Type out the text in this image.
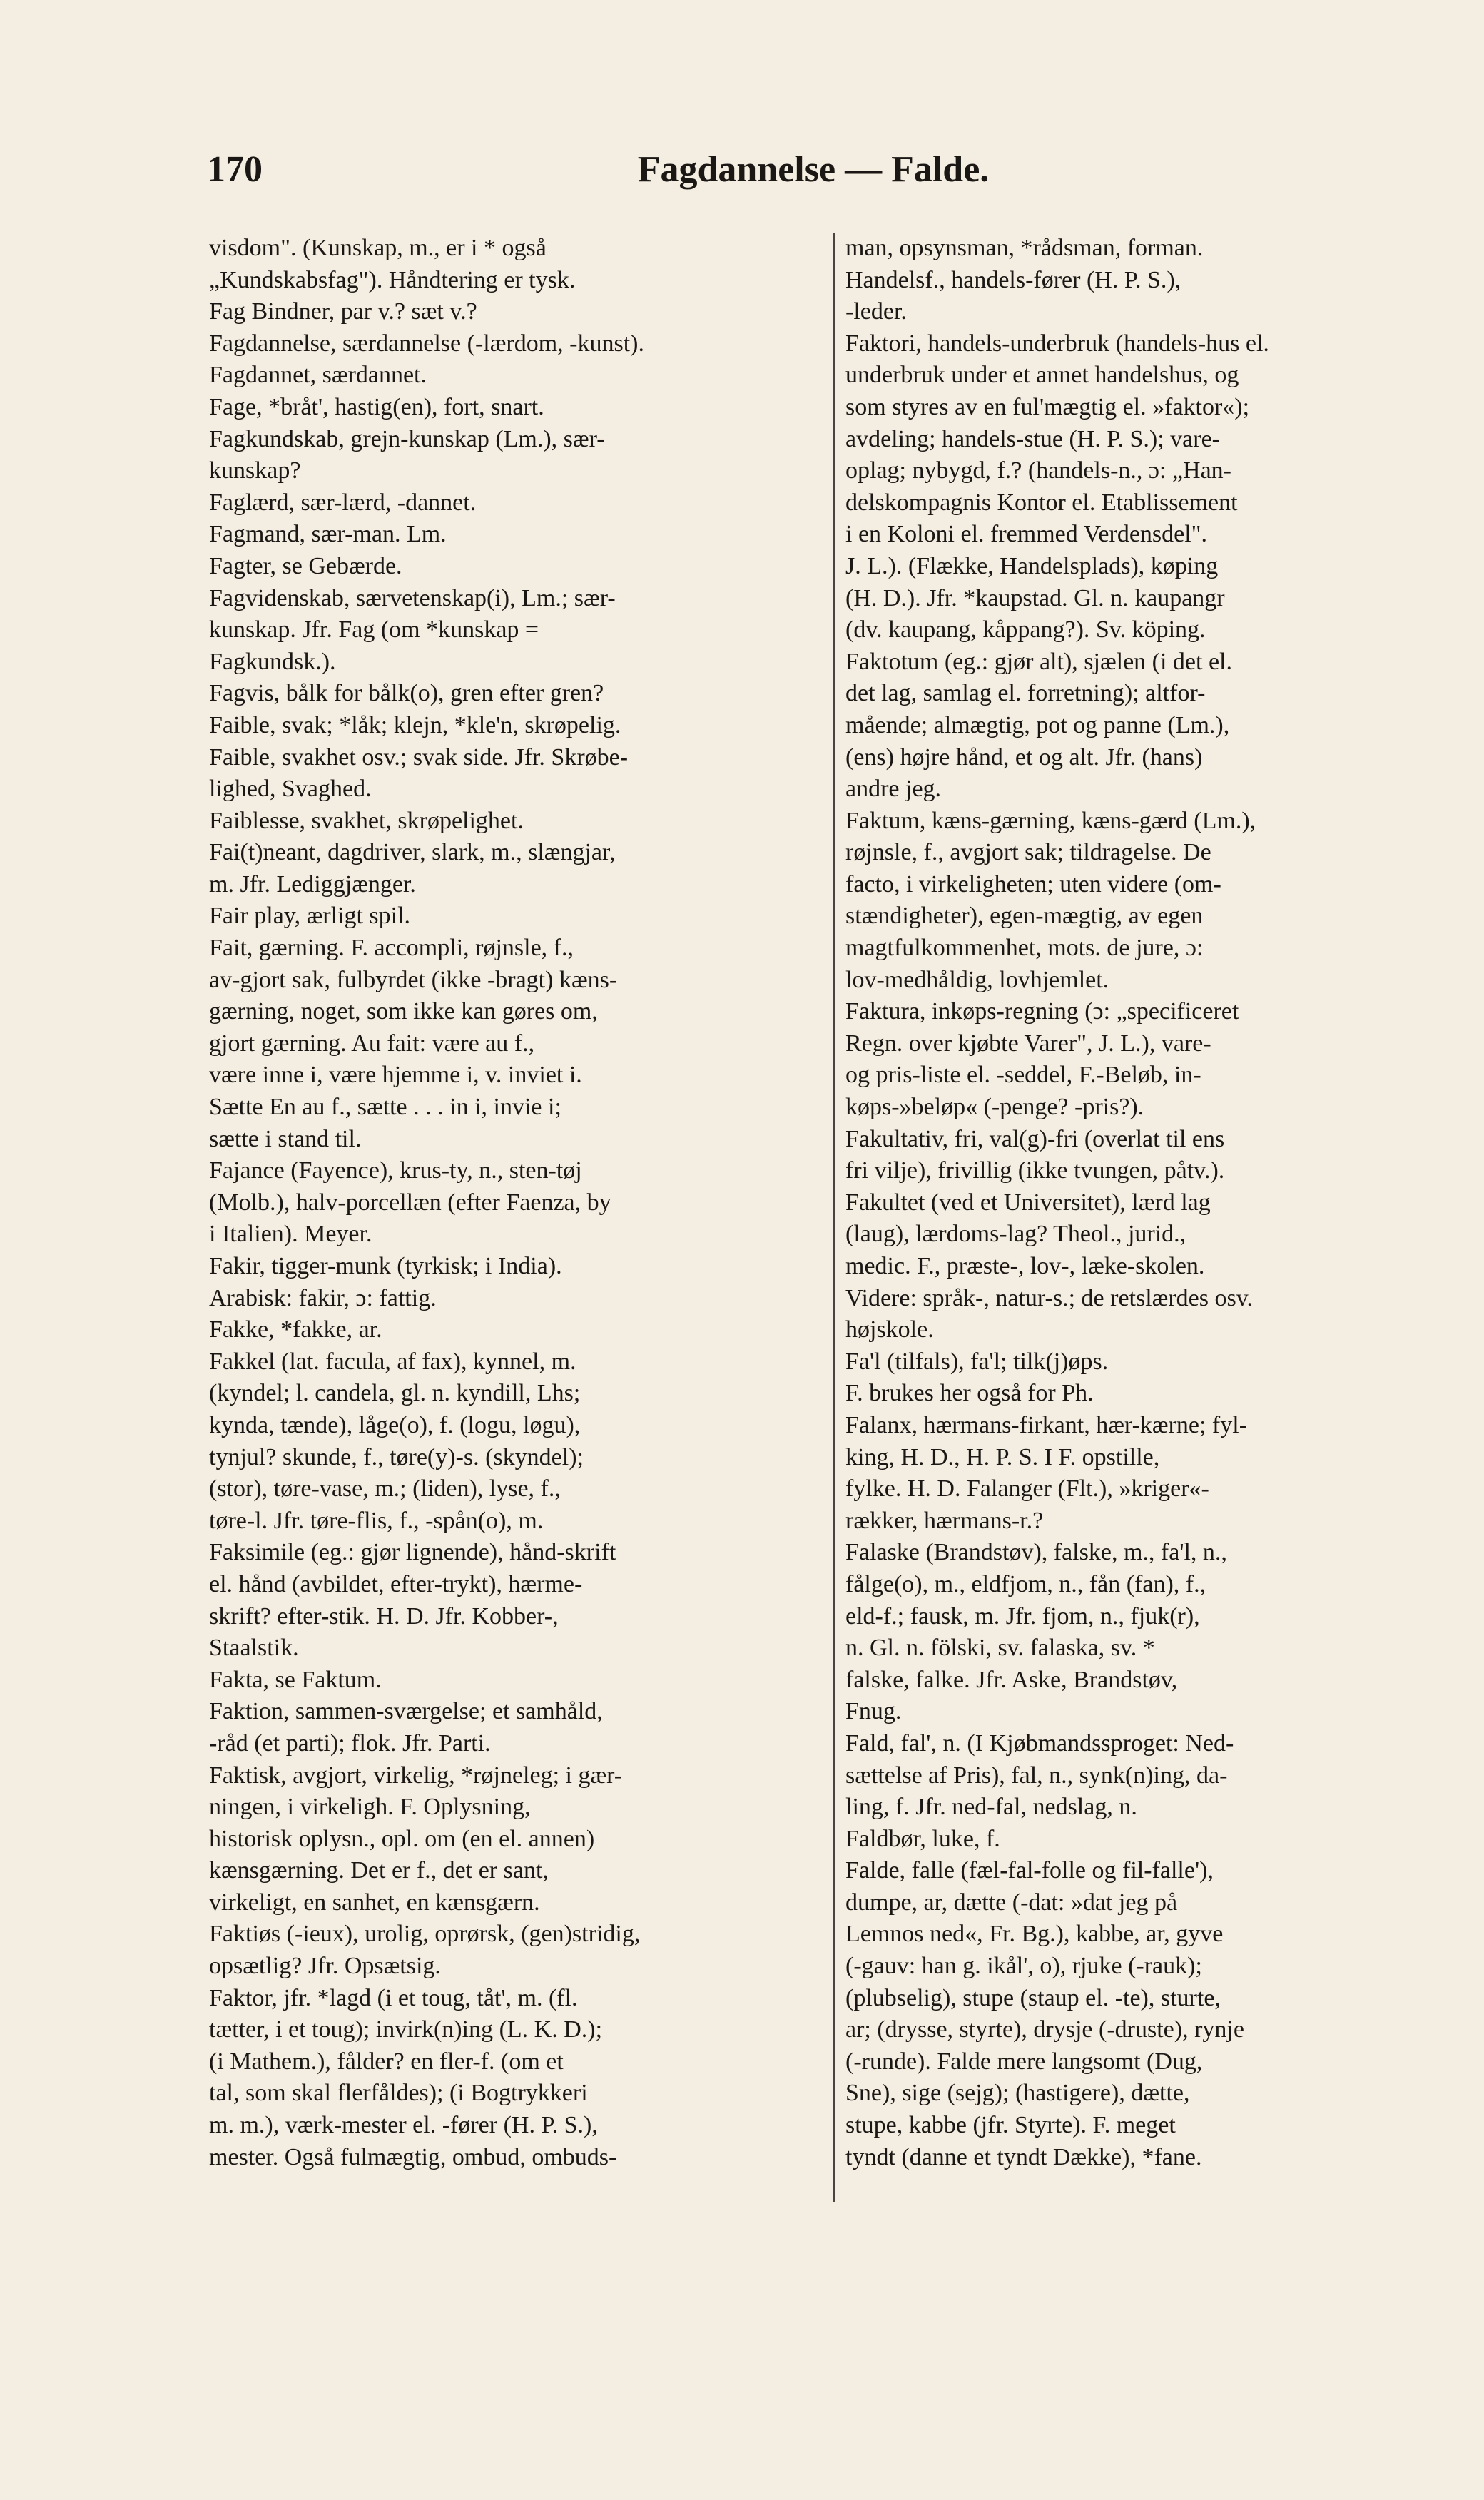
170	Fagdannelse — Falde.
visdom". (Kunskap, m., er i * også
„Kundskabsfag"). Håndtering er tysk.
Fag Bindner, par v.? sæt v.?
Fagdannelse, særdannelse (-lærdom, -kunst).
Fagdannet, særdannet.
Fage, *bråt', hastig(en), fort, snart.
Fagkundskab, grejn-kunskap (Lm.), sær-
kunskap?
Faglærd, sær-lærd, -dannet.
Fagmand, sær-man. Lm.
Fagter, se Gebærde.
Fagvidenskab, særvetenskap(i), Lm.; sær-
kunskap. Jfr. Fag (om *kunskap =
Fagkundsk.).
Fagvis, bålk for bålk(o), gren efter gren?
Faible, svak; *låk; klejn, *kle'n, skrøpelig.
Faible, svakhet osv.; svak side. Jfr. Skrøbe-
lighed, Svaghed.
Faiblesse, svakhet, skrøpelighet.
Fai(t)neant, dagdriver, slark, m., slængjar,
m. Jfr. Lediggjænger.
Fair play, ærligt spil.
Fait, gærning. F. accompli, røjnsle, f.,
av-gjort sak, fulbyrdet (ikke -bragt) kæns-
gærning, noget, som ikke kan gøres om,
gjort gærning. Au fait: være au f.,
være inne i, være hjemme i, v. inviet i.
Sætte En au f., sætte . . . in i, invie i;
sætte i stand til.
Fajance (Fayence), krus-ty, n., sten-tøj
(Molb.), halv-porcellæn (efter Faenza, by
i Italien). Meyer.
Fakir, tigger-munk (tyrkisk; i India).
Arabisk: fakir, ɔ: fattig.
Fakke, *fakke, ar.
Fakkel (lat. facula, af fax), kynnel, m.
(kyndel; l. candela, gl. n. kyndill, Lhs;
kynda, tænde), låge(o), f. (logu, løgu),
tynjul? skunde, f., tøre(y)-s. (skyndel);
(stor), tøre-vase, m.; (liden), lyse, f.,
tøre-l. Jfr. tøre-flis, f., -spån(o), m.
Faksimile (eg.: gjør lignende), hånd-skrift
el. hånd (avbildet, efter-trykt), hærme-
skrift? efter-stik. H. D. Jfr. Kobber-,
Staalstik.
Fakta, se Faktum.
Faktion, sammen-sværgelse; et samhåld,
-råd (et parti); flok. Jfr. Parti.
Faktisk, avgjort, virkelig, *røjneleg; i gær-
ningen, i virkeligh. F. Oplysning,
historisk oplysn., opl. om (en el. annen)
kænsgærning. Det er f., det er sant,
virkeligt, en sanhet, en kænsgærn.
Faktiøs (-ieux), urolig, oprørsk, (gen)stridig,
opsætlig? Jfr. Opsætsig.
Faktor, jfr. *lagd (i et toug, tåt', m. (fl.
tætter, i et toug); invirk(n)ing (L. K. D.);
(i Mathem.), fålder? en fler-f. (om et
tal, som skal flerfåldes); (i Bogtrykkeri
m. m.), værk-mester el. -fører (H. P. S.),
mester. Også fulmægtig, ombud, ombuds-
man, opsynsman, *rådsman, forman.
Handelsf., handels-fører (H. P. S.),
-leder.
Faktori, handels-underbruk (handels-hus el.
underbruk under et annet handelshus, og
som styres av en ful'mægtig el. »faktor«);
avdeling; handels-stue (H. P. S.); vare-
oplag; nybygd, f.? (handels-n., ɔ: „Han-
delskompagnis Kontor el. Etablissement
i en Koloni el. fremmed Verdensdel".
J. L.). (Flække, Handelsplads), køping
(H. D.). Jfr. *kaupstad. Gl. n. kaupangr
(dv. kaupang, kåppang?). Sv. köping.
Faktotum (eg.: gjør alt), sjælen (i det el.
det lag, samlag el. forretning); altfor-
mående; almægtig, pot og panne (Lm.),
(ens) højre hånd, et og alt. Jfr. (hans)
andre jeg.
Faktum, kæns-gærning, kæns-gærd (Lm.),
røjnsle, f., avgjort sak; tildragelse. De
facto, i virkeligheten; uten videre (om-
stændigheter), egen-mægtig, av egen
magtfulkommenhet, mots. de jure, ɔ:
lov-medhåldig, lovhjemlet.
Faktura, inkøps-regning (ɔ: „specificeret
Regn. over kjøbte Varer", J. L.), vare-
og pris-liste el. -seddel, F.-Beløb, in-
køps-»beløp« (-penge? -pris?).
Fakultativ, fri, val(g)-fri (overlat til ens
fri vilje), frivillig (ikke tvungen, påtv.).
Fakultet (ved et Universitet), lærd lag
(laug), lærdoms-lag? Theol., jurid.,
medic. F., præste-, lov-, læke-skolen.
Videre: språk-, natur-s.; de retslærdes osv.
højskole.
Fa'l (tilfals), fa'l; tilk(j)øps.
F. brukes her også for Ph.
Falanx, hærmans-firkant, hær-kærne; fyl-
king, H. D., H. P. S. I F. opstille,
fylke. H. D. Falanger (Flt.), »kriger«-
rækker, hærmans-r.?
Falaske (Brandstøv), falske, m., fa'l, n.,
fålge(o), m., eldfjom, n., fån (fan), f.,
eld-f.; fausk, m. Jfr. fjom, n., fjuk(r),
n. Gl. n. fölski, sv. falaska, sv. *
falske, falke. Jfr. Aske, Brandstøv,
Fnug.
Fald, fal', n. (I Kjøbmandssproget: Ned-
sættelse af Pris), fal, n., synk(n)ing, da-
ling, f. Jfr. ned-fal, nedslag, n.
Faldbør, luke, f.
Falde, falle (fæl-fal-folle og fil-falle'),
dumpe, ar, dætte (-dat: »dat jeg på
Lemnos ned«, Fr. Bg.), kabbe, ar, gyve
(-gauv: han g. ikål', o), rjuke (-rauk);
(plubselig), stupe (staup el. -te), sturte,
ar; (drysse, styrte), drysje (-druste), rynje
(-runde). Falde mere langsomt (Dug,
Sne), sige (sejg); (hastigere), dætte,
stupe, kabbe (jfr. Styrte). F. meget
tyndt (danne et tyndt Dække), *fane.
